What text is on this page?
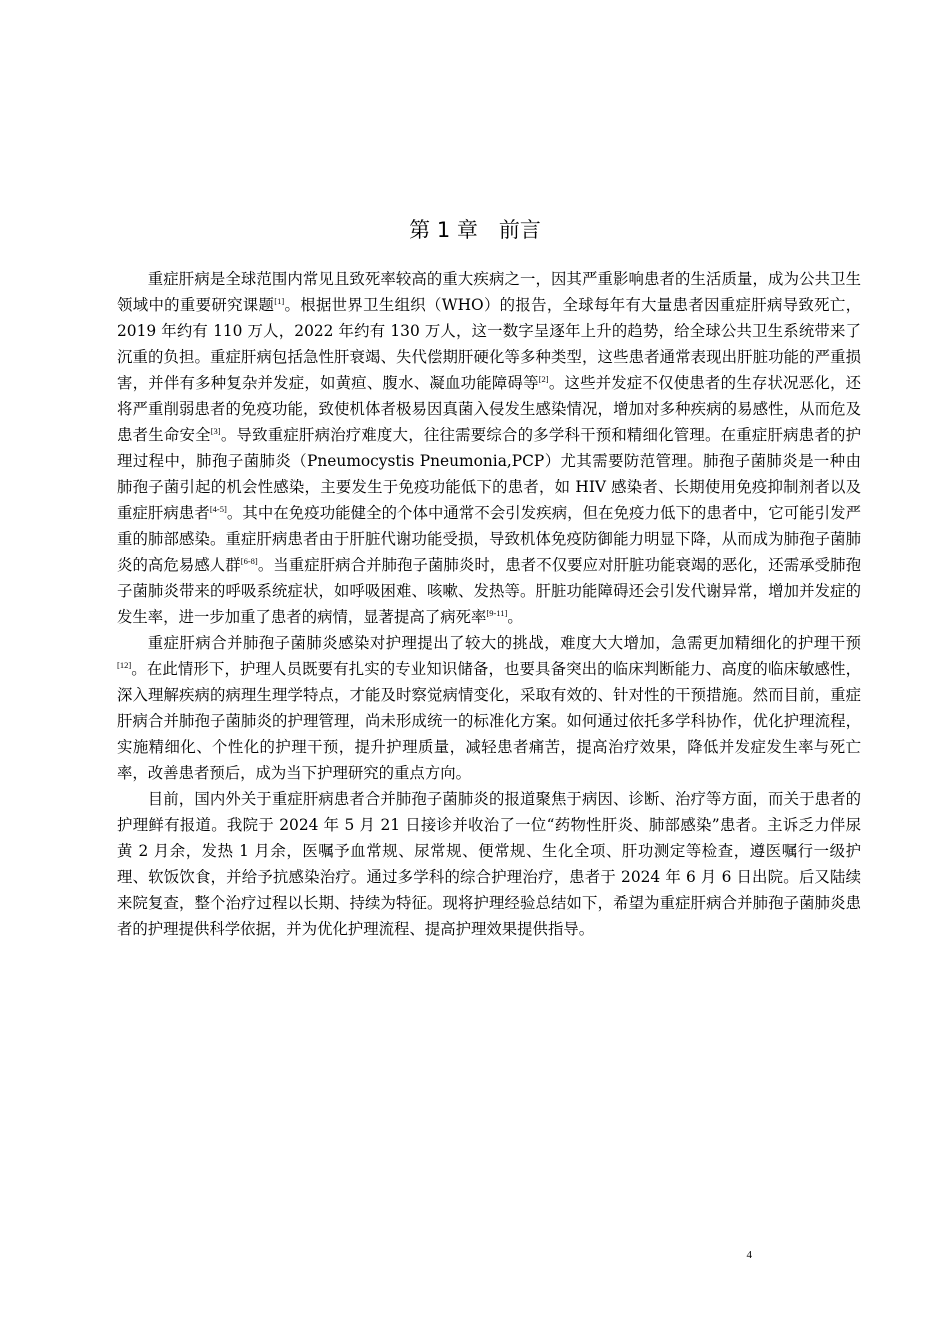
第 1 章　前言

重症肝病是全球范围内常见且致死率较高的重大疾病之一，因其严重影响患者的生活质量，成为公共卫生领域中的重要研究课题[1]。根据世界卫生组织（WHO）的报告，全球每年有大量患者因重症肝病导致死亡，2019 年约有 110 万人，2022 年约有 130 万人，这一数字呈逐年上升的趋势，给全球公共卫生系统带来了沉重的负担。重症肝病包括急性肝衰竭、失代偿期肝硬化等多种类型，这些患者通常表现出肝脏功能的严重损害，并伴有多种复杂并发症，如黄疸、腹水、凝血功能障碍等[2]。这些并发症不仅使患者的生存状况恶化，还将严重削弱患者的免疫功能，致使机体者极易因真菌入侵发生感染情况，增加对多种疾病的易感性，从而危及患者生命安全[3]。导致重症肝病治疗难度大，往往需要综合的多学科干预和精细化管理。在重症肝病患者的护理过程中，肺孢子菌肺炎（Pneumocystis Pneumonia,PCP）尤其需要防范管理。肺孢子菌肺炎是一种由肺孢子菌引起的机会性感染，主要发生于免疫功能低下的患者，如 HIV 感染者、长期使用免疫抑制剂者以及重症肝病患者[4-5]。其中在免疫功能健全的个体中通常不会引发疾病，但在免疫力低下的患者中，它可能引发严重的肺部感染。重症肝病患者由于肝脏代谢功能受损，导致机体免疫防御能力明显下降，从而成为肺孢子菌肺炎的高危易感人群[6-8]。当重症肝病合并肺孢子菌肺炎时，患者不仅要应对肝脏功能衰竭的恶化，还需承受肺孢子菌肺炎带来的呼吸系统症状，如呼吸困难、咳嗽、发热等。肝脏功能障碍还会引发代谢异常，增加并发症的发生率，进一步加重了患者的病情，显著提高了病死率[9-11]。

重症肝病合并肺孢子菌肺炎感染对护理提出了较大的挑战，难度大大增加，急需更加精细化的护理干预[12]。在此情形下，护理人员既要有扎实的专业知识储备，也要具备突出的临床判断能力、高度的临床敏感性，深入理解疾病的病理生理学特点，才能及时察觉病情变化，采取有效的、针对性的干预措施。然而目前，重症肝病合并肺孢子菌肺炎的护理管理，尚未形成统一的标准化方案。如何通过依托多学科协作，优化护理流程，实施精细化、个性化的护理干预，提升护理质量，减轻患者痛苦，提高治疗效果，降低并发症发生率与死亡率，改善患者预后，成为当下护理研究的重点方向。

目前，国内外关于重症肝病患者合并肺孢子菌肺炎的报道聚焦于病因、诊断、治疗等方面，而关于患者的护理鲜有报道。我院于 2024 年 5 月 21 日接诊并收治了一位“药物性肝炎、肺部感染”患者。主诉乏力伴尿黄 2 月余，发热 1 月余，医嘱予血常规、尿常规、便常规、生化全项、肝功测定等检查，遵医嘱行一级护理、软饭饮食，并给予抗感染治疗。通过多学科的综合护理治疗，患者于 2024 年 6 月 6 日出院。后又陆续来院复查，整个治疗过程以长期、持续为特征。现将护理经验总结如下，希望为重症肝病合并肺孢子菌肺炎患者的护理提供科学依据，并为优化护理流程、提高护理效果提供指导。

4
